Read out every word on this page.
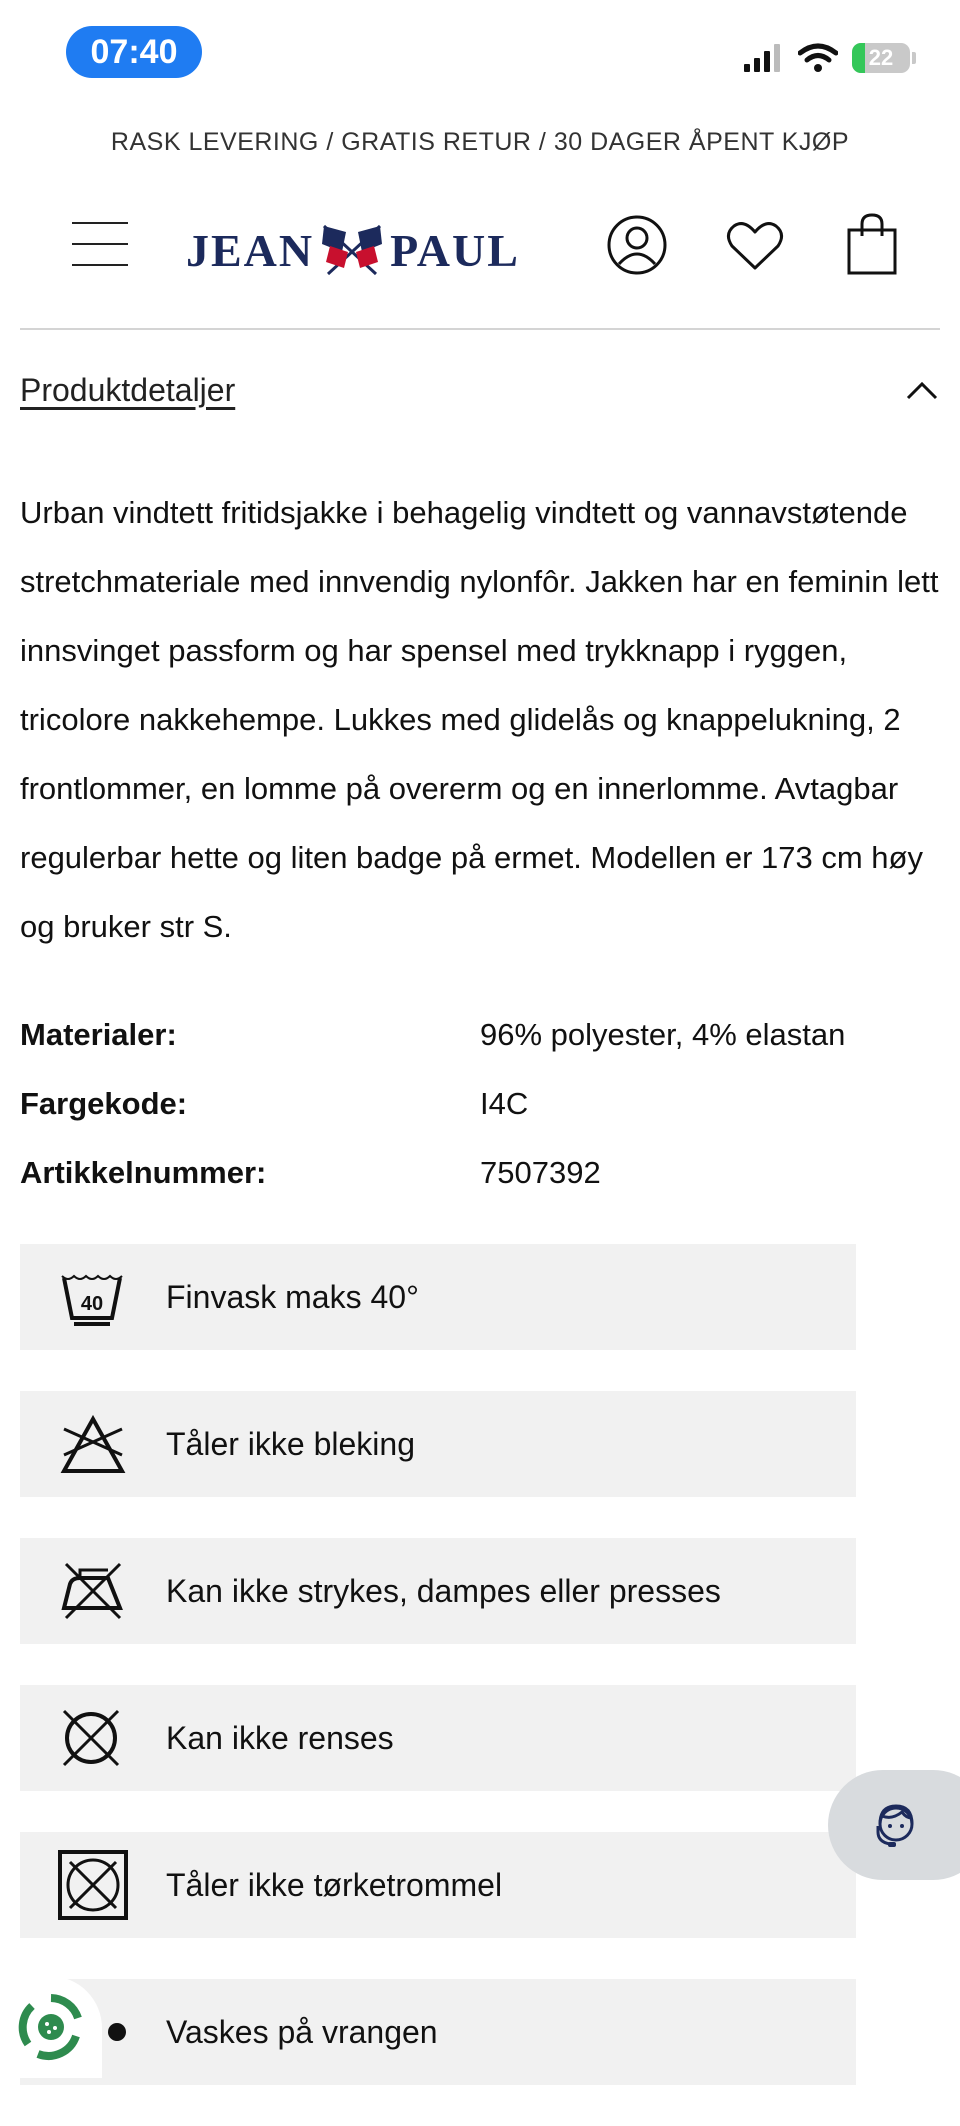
07:40	22
RASK LEVERING / GRATIS RETUR / 30 DAGER ÅPENT KJØP
JEAN PAUL
Produktdetaljer
Urban vindtett fritidsjakke i behagelig vindtett og vannavstøtende stretchmateriale med innvendig nylonfôr. Jakken har en feminin lett innsvinget passform og har spensel med trykknapp i ryggen, tricolore nakkehempe. Lukkes med glidelås og knappelukning, 2 frontlommer, en lomme på overerm og en innerlomme. Avtagbar regulerbar hette og liten badge på ermet. Modellen er 173 cm høy og bruker str S.
Materialer:	96% polyester, 4% elastan
Fargekode:	I4C
Artikkelnummer:	7507392
40 Finvask maks 40°
Tåler ikke bleking
Kan ikke strykes, dampes eller presses
Kan ikke renses
Tåler ikke tørketrommel
Vaskes på vrangen
